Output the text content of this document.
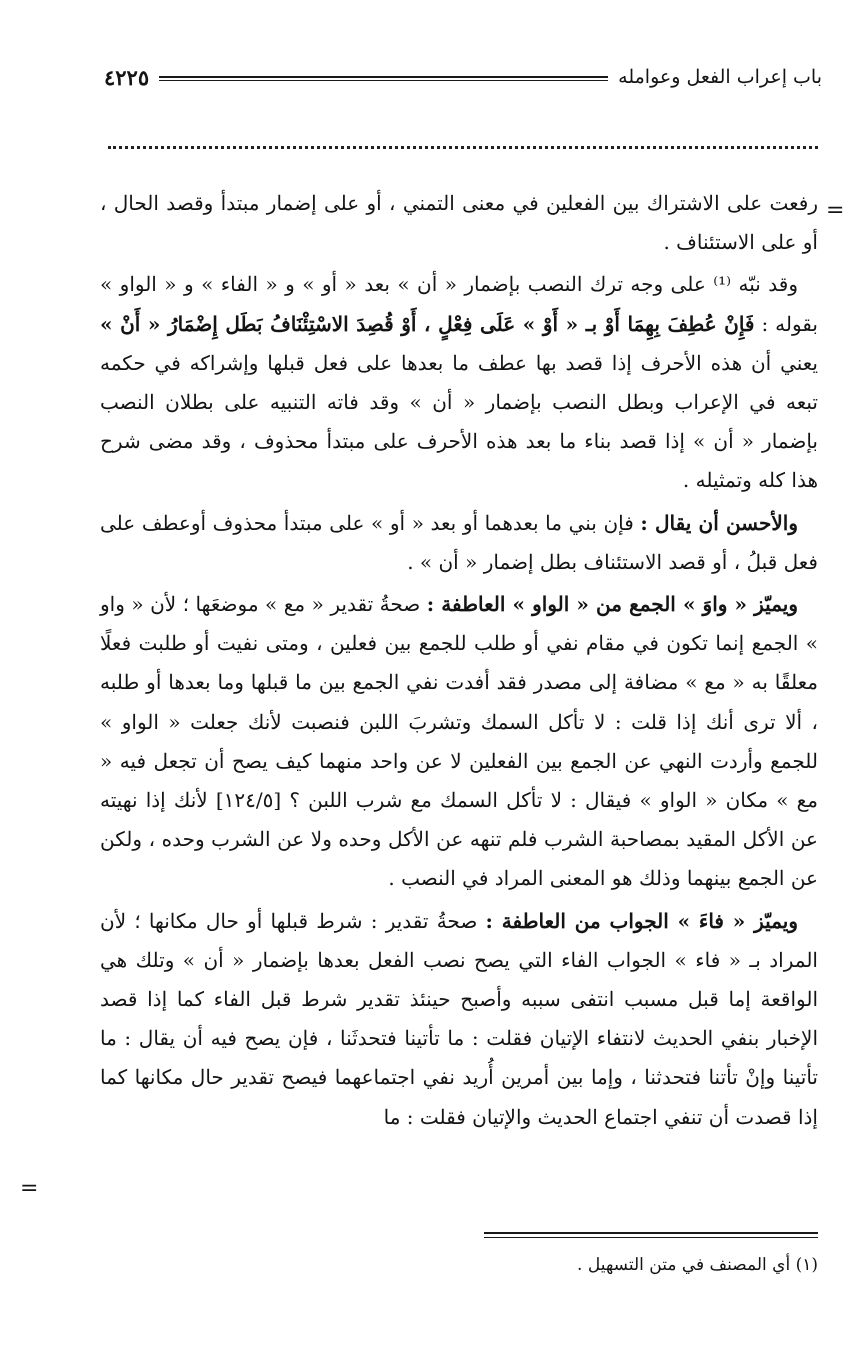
باب إعراب الفعل وعوامله
٤٢٢٥
=

رفعت على الاشتراك بين الفعلين في معنى التمني ، أو على إضمار مبتدأ وقصد الحال ، أو على الاستئناف .

وقد نبّه ⁽¹⁾ على وجه ترك النصب بإضمار « أن » بعد « أو » و « الفاء » و « الواو » بقوله : فَإِنْ عُطِفَ بِهِمَا أَوْ بـ « أَوْ » عَلَى فِعْلٍ ، أَوْ قُصِدَ الاسْتِئْنَافُ بَطَل إِضْمَارُ « أَنْ » يعني أن هذه الأحرف إذا قصد بها عطف ما بعدها على فعل قبلها وإشراكه في حكمه تبعه في الإعراب وبطل النصب بإضمار « أن » وقد فاته التنبيه على بطلان النصب بإضمار « أن » إذا قصد بناء ما بعد هذه الأحرف على مبتدأ محذوف ، وقد مضى شرح هذا كله وتمثيله .

والأحسن أن يقال : فإن بني ما بعدهما أو بعد « أو » على مبتدأ محذوف أوعطف على فعل قبلُ ، أو قصد الاستئناف بطل إضمار « أن » .

ويميّز « واوَ » الجمع من « الواو » العاطفة : صحةُ تقدير « مع » موضعَها ؛ لأن « واو » الجمع إنما تكون في مقام نفي أو طلب للجمع بين فعلين ، ومتى نفيت أو طلبت فعلًا معلقًا به « مع » مضافة إلى مصدر فقد أفدت نفي الجمع بين ما قبلها وما بعدها أو طلبه ، ألا ترى أنك إذا قلت : لا تأكل السمك وتشربَ اللبن فنصبت لأنك جعلت « الواو » للجمع وأردت النهي عن الجمع بين الفعلين لا عن واحد منهما كيف يصح أن تجعل فيه « مع » مكان « الواو » فيقال : لا تأكل السمك مع شرب اللبن ؟ [١٢٤/٥] لأنك إذا نهيته عن الأكل المقيد بمصاحبة الشرب فلم تنهه عن الأكل وحده ولا عن الشرب وحده ، ولكن عن الجمع بينهما وذلك هو المعنى المراد في النصب .

ويميّز « فاءَ » الجواب من العاطفة : صحةُ تقدير : شرط قبلها أو حال مكانها ؛ لأن المراد بـ « فاء » الجواب الفاء التي يصح نصب الفعل بعدها بإضمار « أن » وتلك هي الواقعة إما قبل مسبب انتفى سببه وأصبح حينئذ تقدير شرط قبل الفاء كما إذا قصد الإخبار بنفي الحديث لانتفاء الإتيان فقلت : ما تأتينا فتحدثَنا ، فإن يصح فيه أن يقال : ما تأتينا وإنْ تأتنا فتحدثنا ، وإما بين أمرين أُريد نفي اجتماعهما فيصح تقدير حال مكانها كما إذا قصدت أن تنفي اجتماع الحديث والإتيان فقلت : ما

=
(١) أي المصنف في متن التسهيل .
